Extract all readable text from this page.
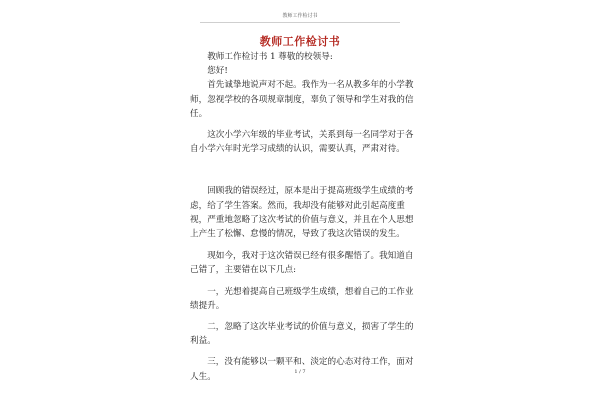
教师工作检讨书
教师工作检讨书

教师工作检讨书 1 尊敬的校领导:

您好!

首先诚挚地说声对不起。我作为一名从教多年的小学教师，忽视学校的各项规章制度，辜负了领导和学生对我的信任。

这次小学六年级的毕业考试，关系到每一名同学对于各自小学六年时光学习成绩的认识，需要认真，严肃对待。

回顾我的错误经过，原本是出于提高班级学生成绩的考虑，给了学生答案。然而，我却没有能够对此引起高度重视，严重地忽略了这次考试的价值与意义，并且在个人思想上产生了松懈、怠慢的情况，导致了我这次错误的发生。

现如今，我对于这次错误已经有很多醒悟了。我知道自己错了，主要错在以下几点:

一，光想着提高自己班级学生成绩，想着自己的工作业绩提升。

二，忽略了这次毕业考试的价值与意义，损害了学生的利益。

三，没有能够以一颗平和、淡定的心态对待工作，面对人生。	1 / 7
